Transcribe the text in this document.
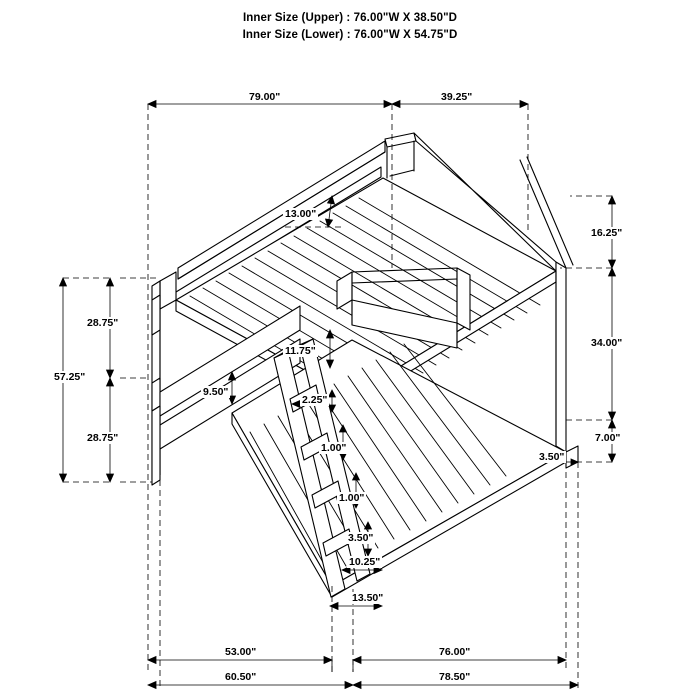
Inner Size (Upper) : 76.00"W X 38.50"D
Inner Size (Lower) : 76.00"W X 54.75"D
79.00"	39.25"
13.00"
16.25"
34.00"
7.00"
28.75"
57.25"
28.75"
11.75"
9.50"
2.25"
1.00"
1.00"
3.50"
10.25"
13.50"
3.50"
53.00"	76.00"
60.50"	78.50"
